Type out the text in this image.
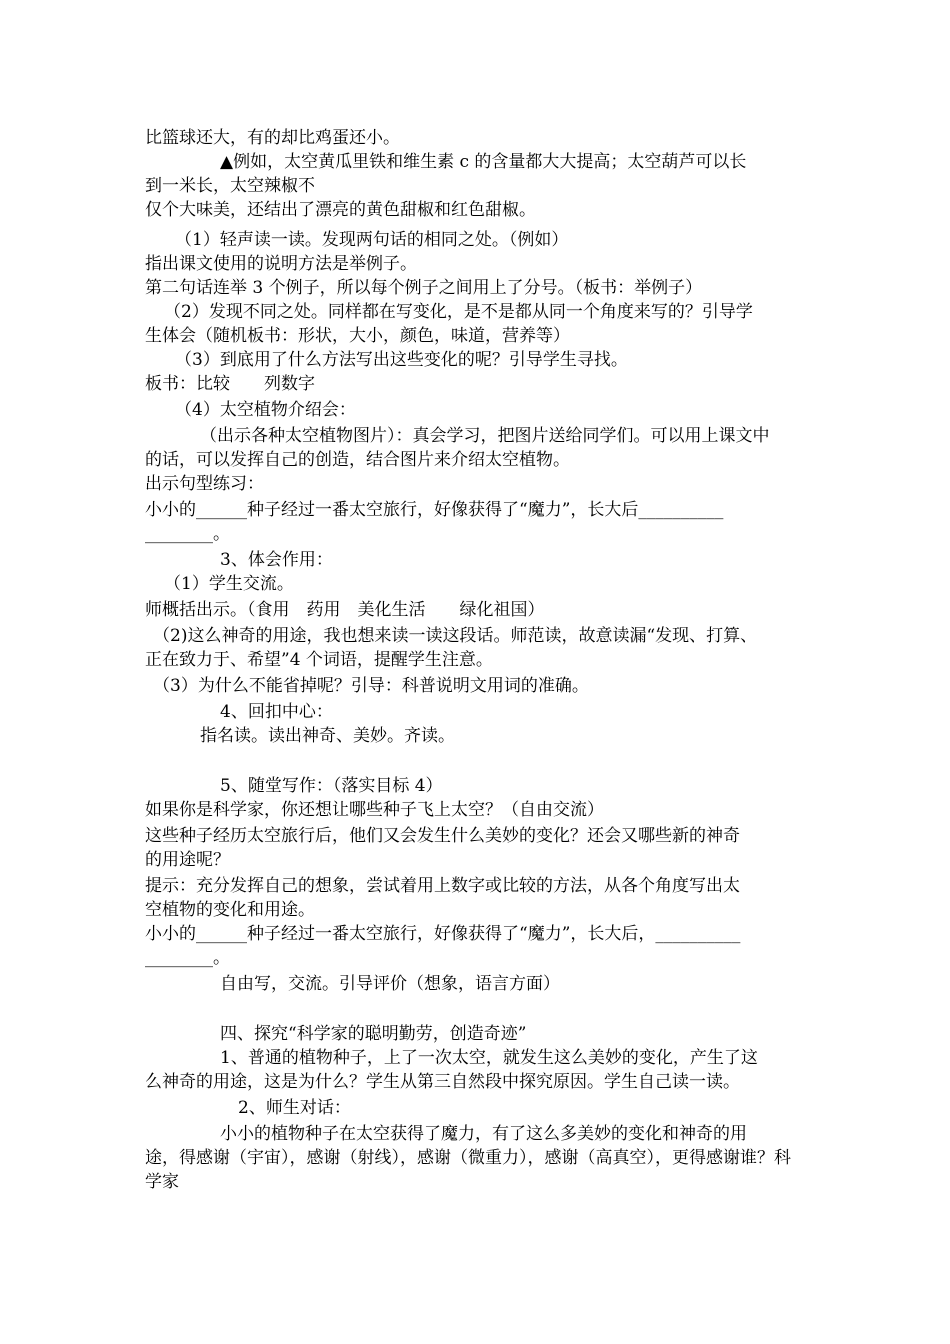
比篮球还大，有的却比鸡蛋还小。
▲例如，太空黄瓜里铁和维生素 c 的含量都大大提高；太空葫芦可以长
到一米长，太空辣椒不
仅个大味美，还结出了漂亮的黄色甜椒和红色甜椒。
（1）轻声读一读。发现两句话的相同之处。（例如）
指出课文使用的说明方法是举例子。
第二句话连举 3 个例子，所以每个例子之间用上了分号。（板书：举例子）
（2）发现不同之处。同样都在写变化，是不是都从同一个角度来写的？引导学
生体会（随机板书：形状，大小，颜色，味道，营养等）
（3）到底用了什么方法写出这些变化的呢？引导学生寻找。
板书：比较　　列数字
（4）太空植物介绍会：
（出示各种太空植物图片）：真会学习，把图片送给同学们。可以用上课文中
的话，可以发挥自己的创造，结合图片来介绍太空植物。
出示句型练习：
小小的______种子经过一番太空旅行，好像获得了“魔力”，长大后__________
________。
3、体会作用：
（1）学生交流。
师概括出示。（食用　药用　美化生活　　绿化祖国）
（2)这么神奇的用途，我也想来读一读这段话。师范读，故意读漏“发现、打算、
正在致力于、希望”4 个词语，提醒学生注意。
（3）为什么不能省掉呢？引导：科普说明文用词的准确。
4、回扣中心：
指名读。读出神奇、美妙。齐读。
5、随堂写作：（落实目标 4）
如果你是科学家，你还想让哪些种子飞上太空？（自由交流）
这些种子经历太空旅行后，他们又会发生什么美妙的变化？还会又哪些新的神奇
的用途呢？
提示：充分发挥自己的想象，尝试着用上数字或比较的方法，从各个角度写出太
空植物的变化和用途。
小小的______种子经过一番太空旅行，好像获得了“魔力”，长大后，__________
________。
自由写，交流。引导评价（想象，语言方面）
四、探究“科学家的聪明勤劳，创造奇迹”
1、普通的植物种子，上了一次太空，就发生这么美妙的变化，产生了这
么神奇的用途，这是为什么？学生从第三自然段中探究原因。学生自己读一读。
2、师生对话：
小小的植物种子在太空获得了魔力，有了这么多美妙的变化和神奇的用
途，得感谢（宇宙），感谢（射线），感谢（微重力），感谢（高真空），更得感谢谁？科
学家
